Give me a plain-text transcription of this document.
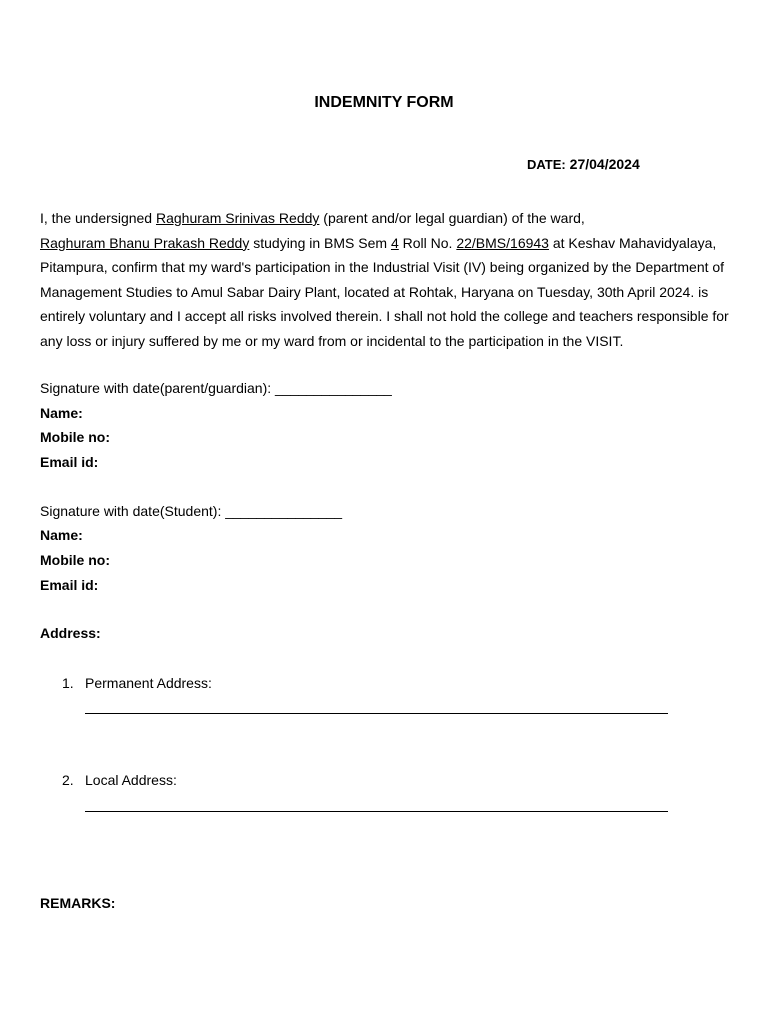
INDEMNITY FORM
DATE: 27/04/2024
I, the undersigned Raghuram Srinivas Reddy (parent and/or legal guardian) of the ward,
Raghuram Bhanu Prakash Reddy studying in BMS Sem 4 Roll No. 22/BMS/16943 at Keshav Mahavidyalaya, Pitampura, confirm that my ward's participation in the Industrial Visit (IV) being organized by the Department of Management Studies to Amul Sabar Dairy Plant, located at Rohtak, Haryana on Tuesday, 30th April 2024. is entirely voluntary and I accept all risks involved therein. I shall not hold the college and teachers responsible for any loss or injury suffered by me or my ward from or incidental to the participation in the VISIT.
Signature with date(parent/guardian): _______________
Name:
Mobile no:
Email id:
Signature with date(Student): _______________
Name:
Mobile no:
Email id:
Address:
1. Permanent Address:
2. Local Address:
REMARKS:
